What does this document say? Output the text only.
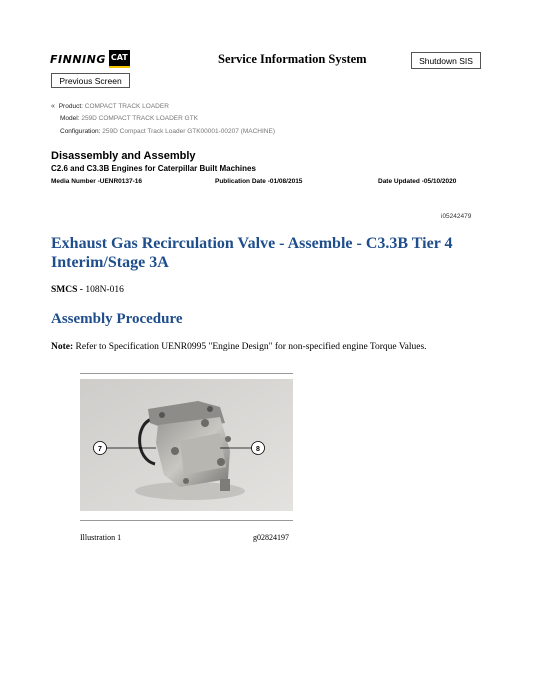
FINNING CAT
Previous Screen
Service Information System	Shutdown SIS
« Product: COMPACT TRACK LOADER
Model: 259D COMPACT TRACK LOADER GTK
Configuration: 259D Compact Track Loader GTK00001-00207 (MACHINE)
Disassembly and Assembly
C2.6 and C3.3B Engines for Caterpillar Built Machines
Media Number -UENR0137-16	Publication Date -01/08/2015	Date Updated -05/10/2020
i05242479
Exhaust Gas Recirculation Valve - Assemble - C3.3B Tier 4 Interim/Stage 3A
SMCS - 108N-016
Assembly Procedure
Note: Refer to Specification UENR0995 "Engine Design" for non-specified engine Torque Values.
7	8
Illustration 1	g02824197
